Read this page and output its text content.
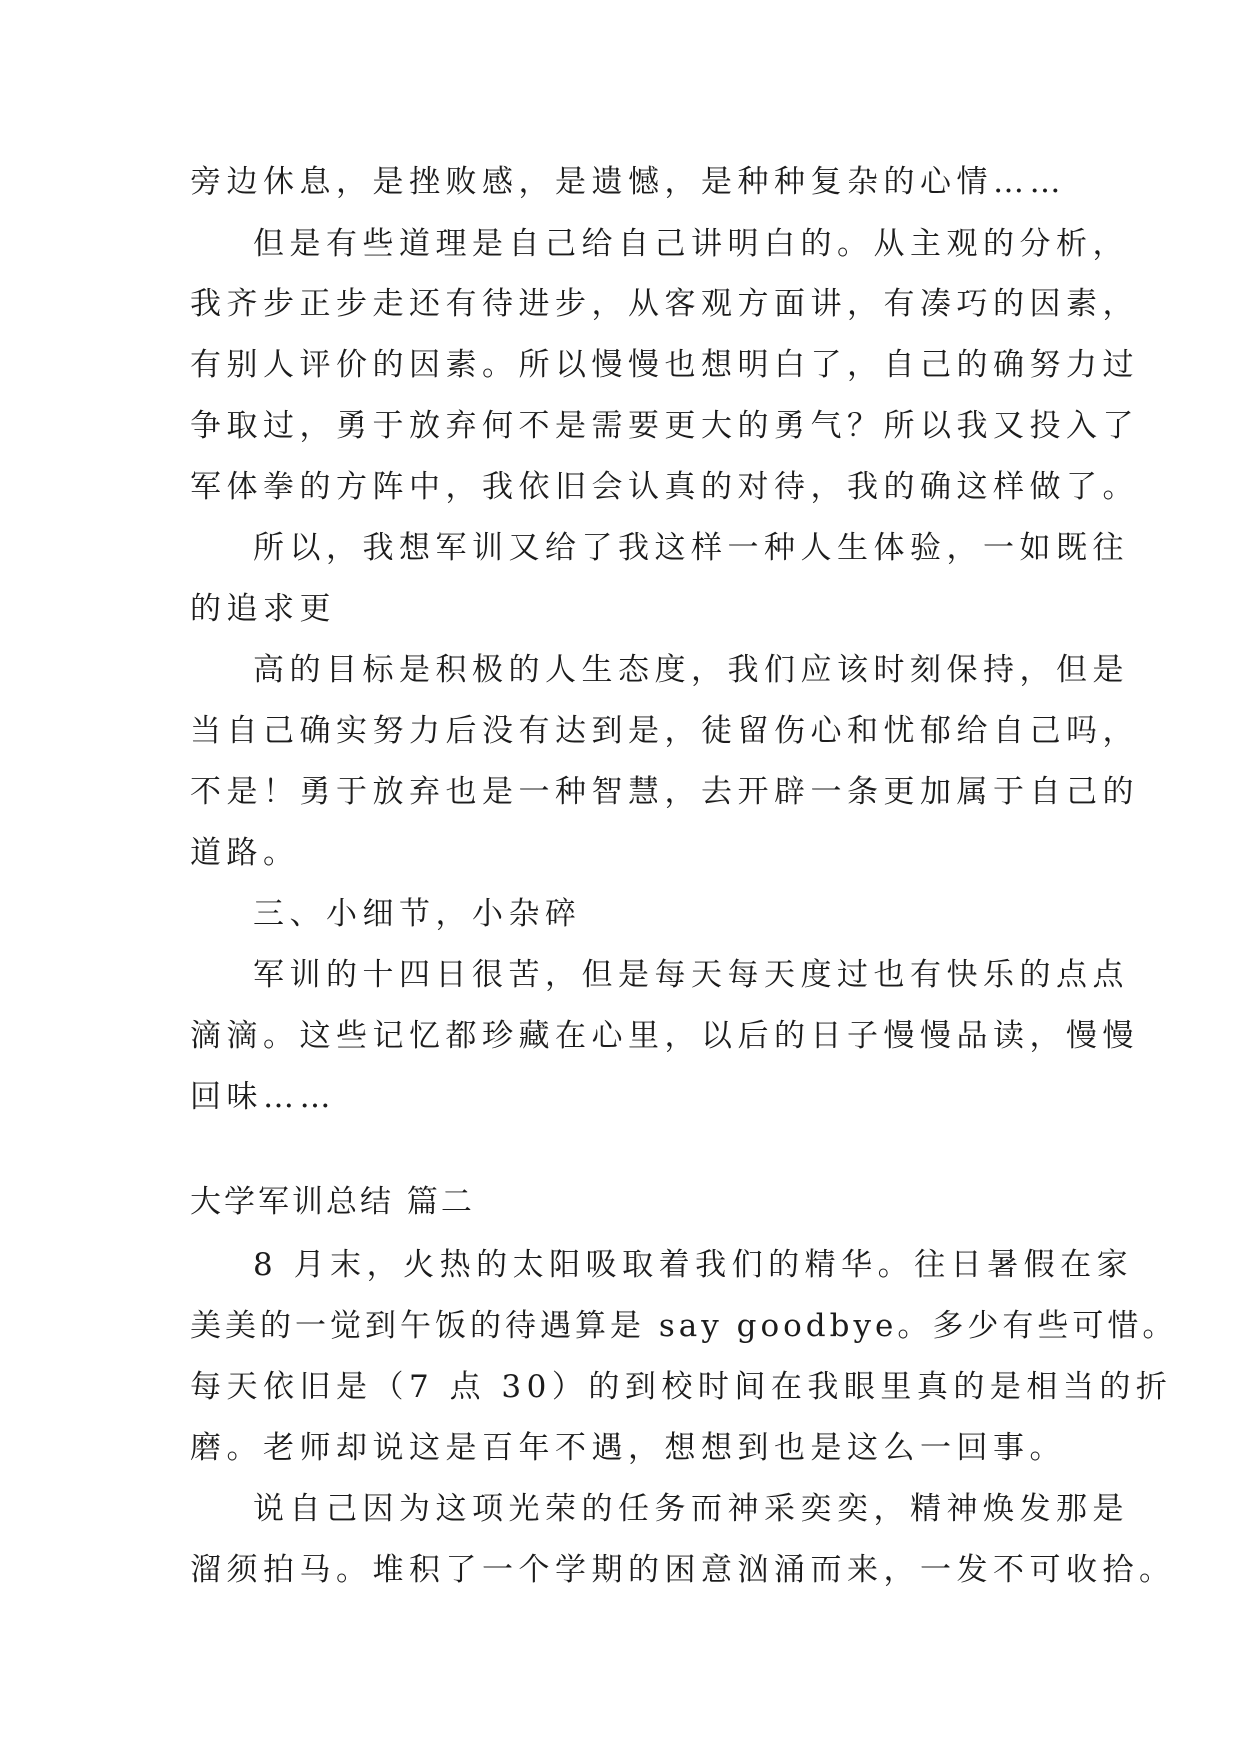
旁边休息，是挫败感，是遗憾，是种种复杂的心情……
但是有些道理是自己给自己讲明白的。从主观的分析，
我齐步正步走还有待进步，从客观方面讲，有凑巧的因素，
有别人评价的因素。所以慢慢也想明白了，自己的确努力过
争取过，勇于放弃何不是需要更大的勇气？所以我又投入了
军体拳的方阵中，我依旧会认真的对待，我的确这样做了。
所以，我想军训又给了我这样一种人生体验，一如既往
的追求更
高的目标是积极的人生态度，我们应该时刻保持，但是
当自己确实努力后没有达到是，徒留伤心和忧郁给自己吗，
不是！勇于放弃也是一种智慧，去开辟一条更加属于自己的
道路。
三、小细节，小杂碎
军训的十四日很苦，但是每天每天度过也有快乐的点点
滴滴。这些记忆都珍藏在心里，以后的日子慢慢品读，慢慢
回味……
大学军训总结 篇二
8 月末，火热的太阳吸取着我们的精华。往日暑假在家
美美的一觉到午饭的待遇算是 say goodbye。多少有些可惜。
每天依旧是（7 点 30）的到校时间在我眼里真的是相当的折
磨。老师却说这是百年不遇，想想到也是这么一回事。
说自己因为这项光荣的任务而神采奕奕，精神焕发那是
溜须拍马。堆积了一个学期的困意汹涌而来，一发不可收拾。
